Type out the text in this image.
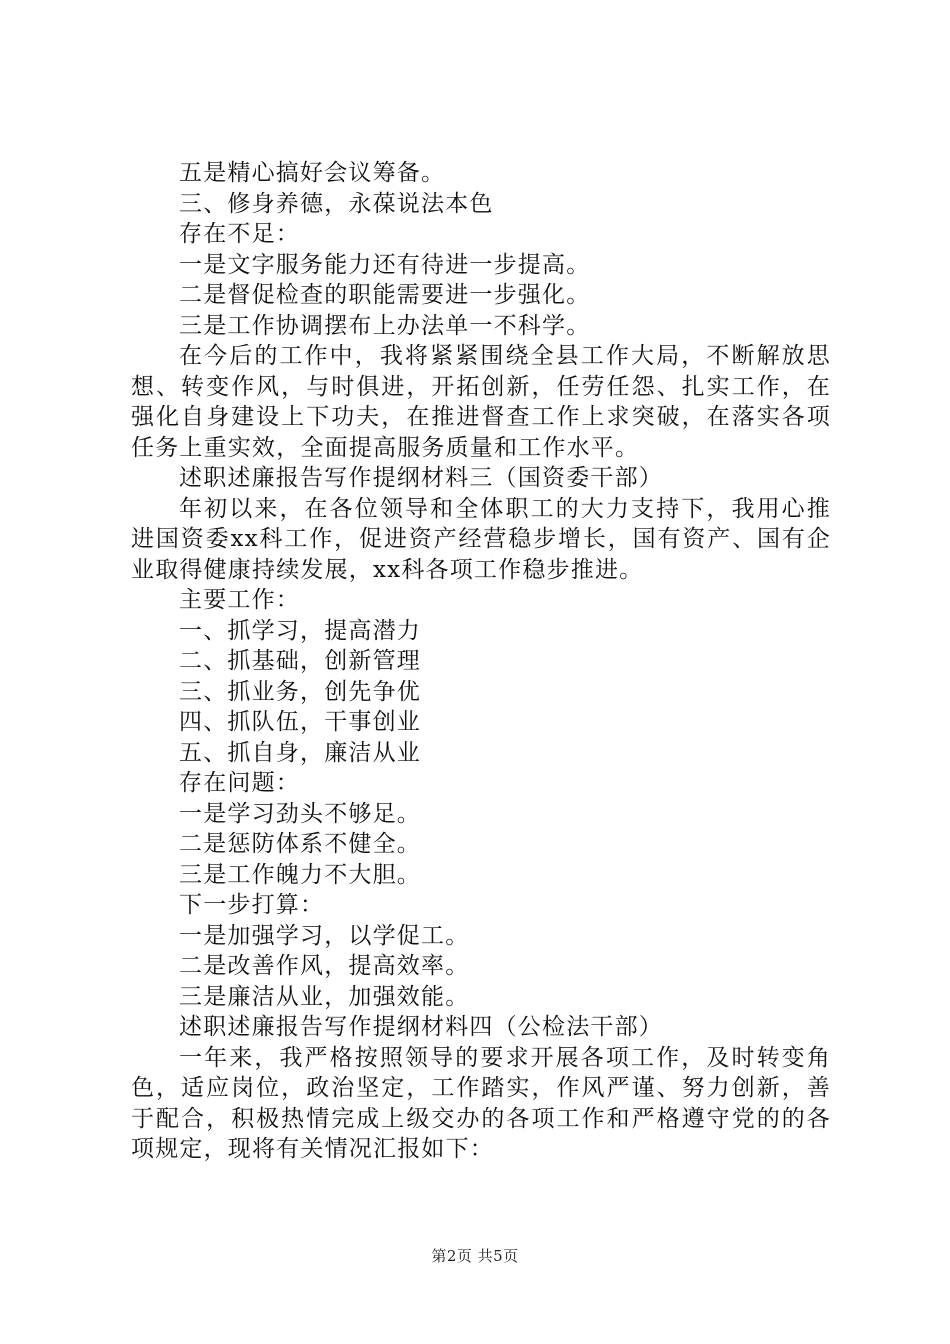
五是精心搞好会议筹备。
三、修身养德，永葆说法本色
存在不足：
一是文字服务能力还有待进一步提高。
二是督促检查的职能需要进一步强化。
三是工作协调摆布上办法单一不科学。

在今后的工作中，我将紧紧围绕全县工作大局，不断解放思想、转变作风，与时俱进，开拓创新，任劳任怨、扎实工作，在强化自身建设上下功夫，在推进督查工作上求突破，在落实各项任务上重实效，全面提高服务质量和工作水平。

述职述廉报告写作提纲材料三（国资委干部）

年初以来，在各位领导和全体职工的大力支持下，我用心推进国资委xx科工作，促进资产经营稳步增长，国有资产、国有企业取得健康持续发展，xx科各项工作稳步推进。

主要工作：
一、抓学习，提高潜力
二、抓基础，创新管理
三、抓业务，创先争优
四、抓队伍，干事创业
五、抓自身，廉洁从业
存在问题：
一是学习劲头不够足。
二是惩防体系不健全。
三是工作魄力不大胆。
下一步打算：
一是加强学习，以学促工。
二是改善作风，提高效率。
三是廉洁从业，加强效能。
述职述廉报告写作提纲材料四（公检法干部）

一年来，我严格按照领导的要求开展各项工作，及时转变角色，适应岗位，政治坚定，工作踏实，作风严谨、努力创新，善于配合，积极热情完成上级交办的各项工作和严格遵守党的的各项规定，现将有关情况汇报如下：

第2页 共5页
